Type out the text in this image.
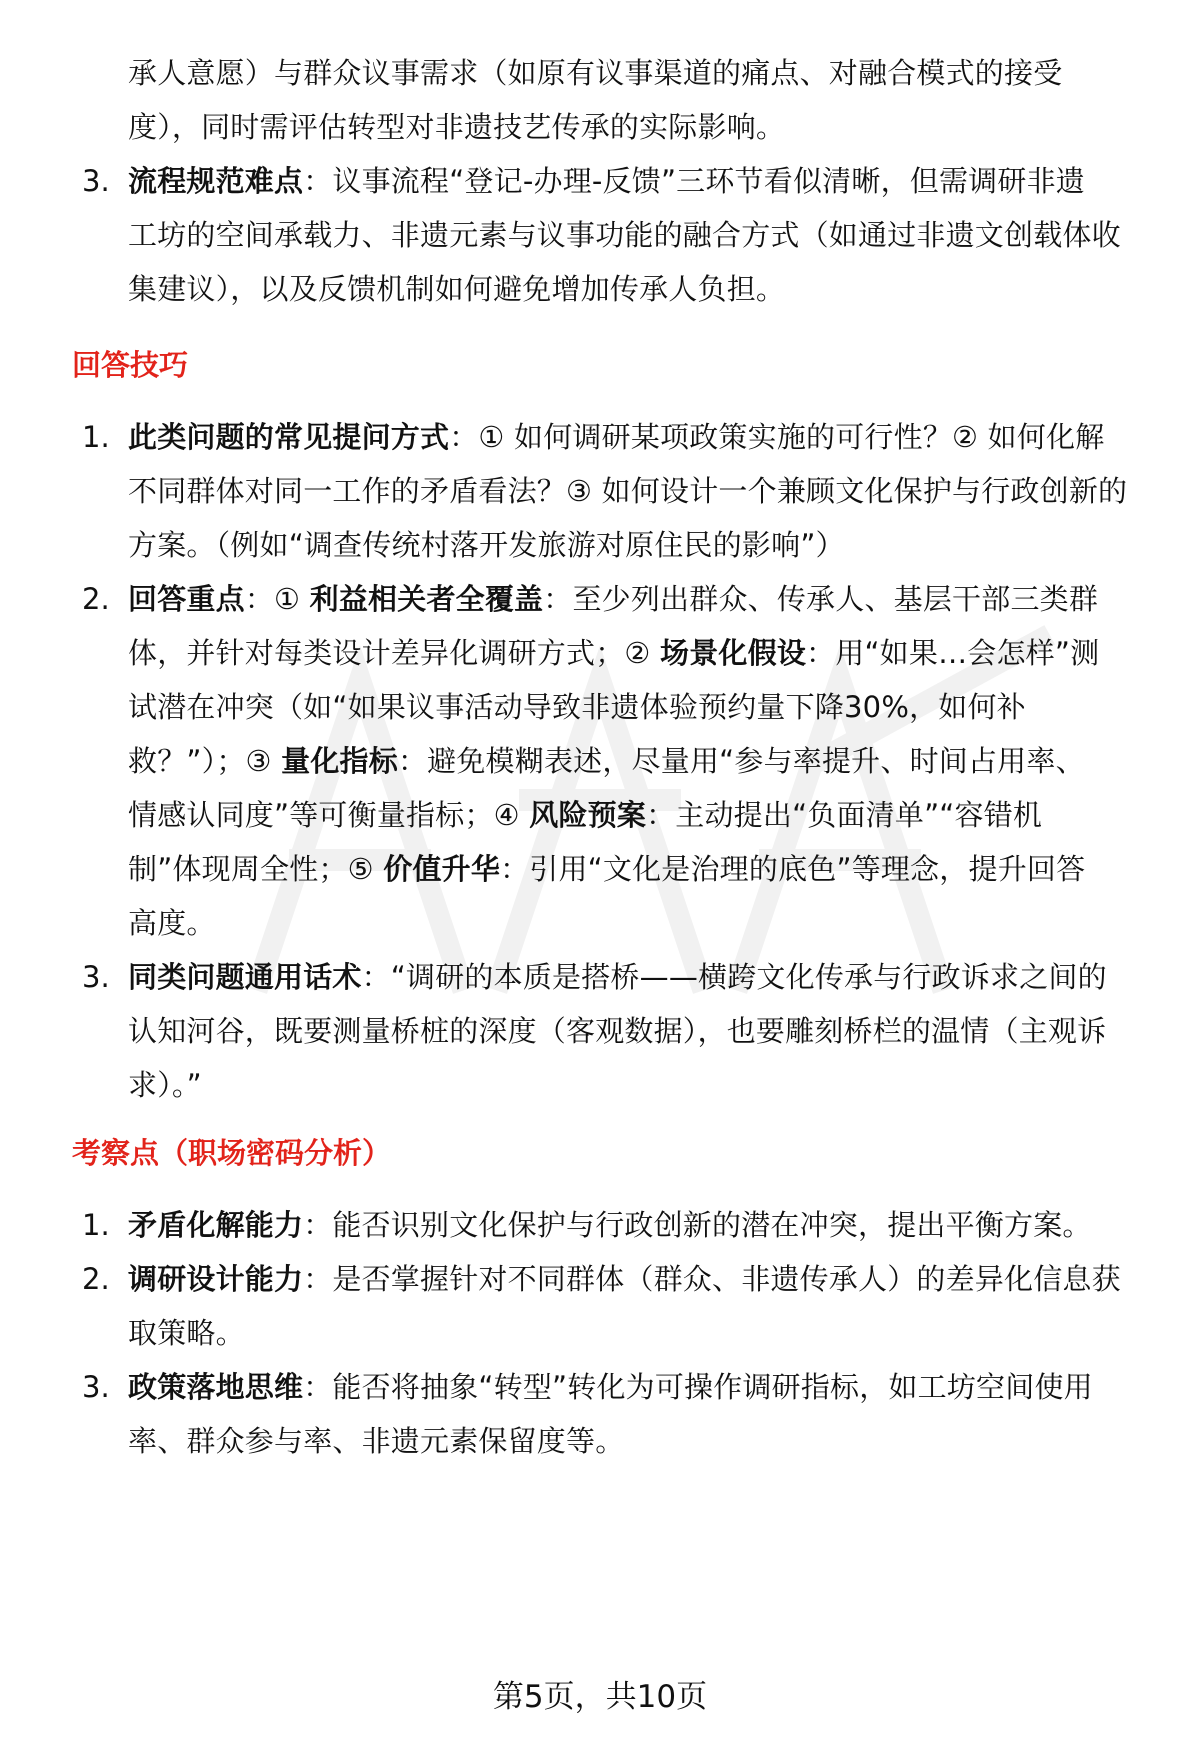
承人意愿）与群众议事需求（如原有议事渠道的痛点、对融合模式的接受
度），同时需评估转型对非遗技艺传承的实际影响。
3. 流程规范难点：议事流程“登记-办理-反馈”三环节看似清晰，但需调研非遗
工坊的空间承载力、非遗元素与议事功能的融合方式（如通过非遗文创载体收
集建议），以及反馈机制如何避免增加传承人负担。
回答技巧
1. 此类问题的常见提问方式：① 如何调研某项政策实施的可行性？② 如何化解
不同群体对同一工作的矛盾看法？③ 如何设计一个兼顾文化保护与行政创新的
方案。（例如“调查传统村落开发旅游对原住民的影响”）
2. 回答重点：① 利益相关者全覆盖：至少列出群众、传承人、基层干部三类群
体，并针对每类设计差异化调研方式；② 场景化假设：用“如果…会怎样”测
试潜在冲突（如“如果议事活动导致非遗体验预约量下降30%，如何补
救？”）；③ 量化指标：避免模糊表述，尽量用“参与率提升、时间占用率、
情感认同度”等可衡量指标；④ 风险预案：主动提出“负面清单”“容错机
制”体现周全性；⑤ 价值升华：引用“文化是治理的底色”等理念，提升回答
高度。
3. 同类问题通用话术：“调研的本质是搭桥——横跨文化传承与行政诉求之间的
认知河谷，既要测量桥桩的深度（客观数据），也要雕刻桥栏的温情（主观诉
求）。”
考察点（职场密码分析）
1. 矛盾化解能力：能否识别文化保护与行政创新的潜在冲突，提出平衡方案。
2. 调研设计能力：是否掌握针对不同群体（群众、非遗传承人）的差异化信息获
取策略。
3. 政策落地思维：能否将抽象“转型”转化为可操作调研指标，如工坊空间使用
率、群众参与率、非遗元素保留度等。
第5页，共10页
